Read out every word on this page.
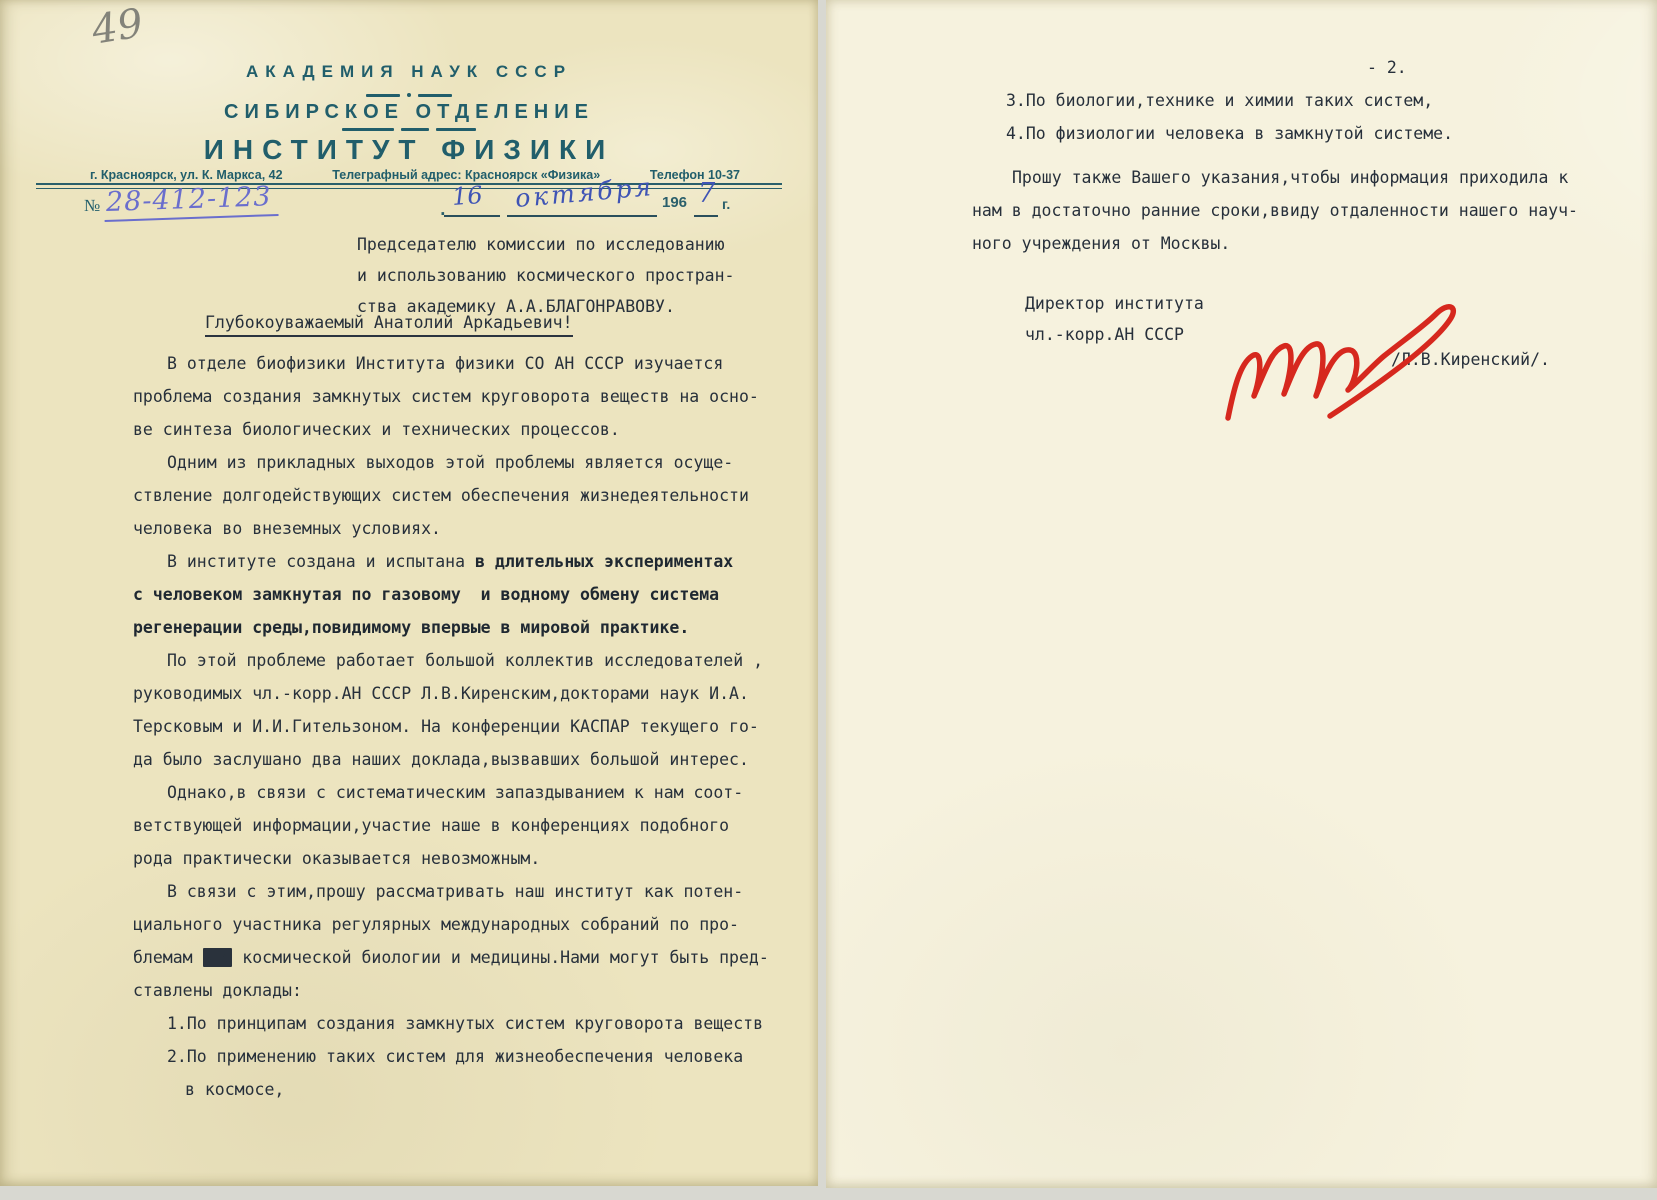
49
АКАДЕМИЯ НАУК СССР
СИБИРСКОЕ ОТДЕЛЕНИЕ
ИНСТИТУТ ФИЗИКИ
г. Красноярск, ул. К. Маркса, 42	Телеграфный адрес: Красноярск «Физика»	Телефон 10-37
№ 28-412-123	. 16 октября 196 7 г.
Председателю комиссии по исследованию
и использованию космического простран-
ства академику А.А.БЛАГОНРАВОВУ.
Глубокоуважаемый Анатолий Аркадьевич!
В отделе биофизики Института физики СО АН СССР изучается
проблема создания замкнутых систем круговорота веществ на осно-
ве синтеза биологических и технических процессов.
Одним из прикладных выходов этой проблемы является осуще-
ствление долгодействующих систем обеспечения жизнедеятельности
человека во внеземных условиях.
В институте создана и испытана в длительных экспериментах
с человеком замкнутая по газовому  и водному обмену система
регенерации среды,повидимому впервые в мировой практике.
По этой проблеме работает большой коллектив исследователей ,
руководимых чл.-корр.АН СССР Л.В.Киренским,докторами наук И.А.
Терсковым и И.И.Гительзоном. На конференции КАСПАР текущего го-
да было заслушано два наших доклада,вызвавших большой интерес.
Однако,в связи с систематическим запаздыванием к нам соот-
ветствующей информации,участие наше в конференциях подобного
рода практически оказывается невозможным.
В связи с этим,прошу рассматривать наш институт как потен-
циального участника регулярных международных собраний по про-
блемам вне космической биологии и медицины.Нами могут быть пред-
ставлены доклады:
1.По принципам создания замкнутых систем круговорота веществ
2.По применению таких систем для жизнеобеспечения человека
в космосе,
- 2.
3.По биологии,технике и химии таких систем,
4.По физиологии человека в замкнутой системе.
Прошу также Вашего указания,чтобы информация приходила к
нам в достаточно ранние сроки,ввиду отдаленности нашего науч-
ного учреждения от Москвы.
Директор института
чл.-корр.АН СССР
/Л.В.Киренский/.
